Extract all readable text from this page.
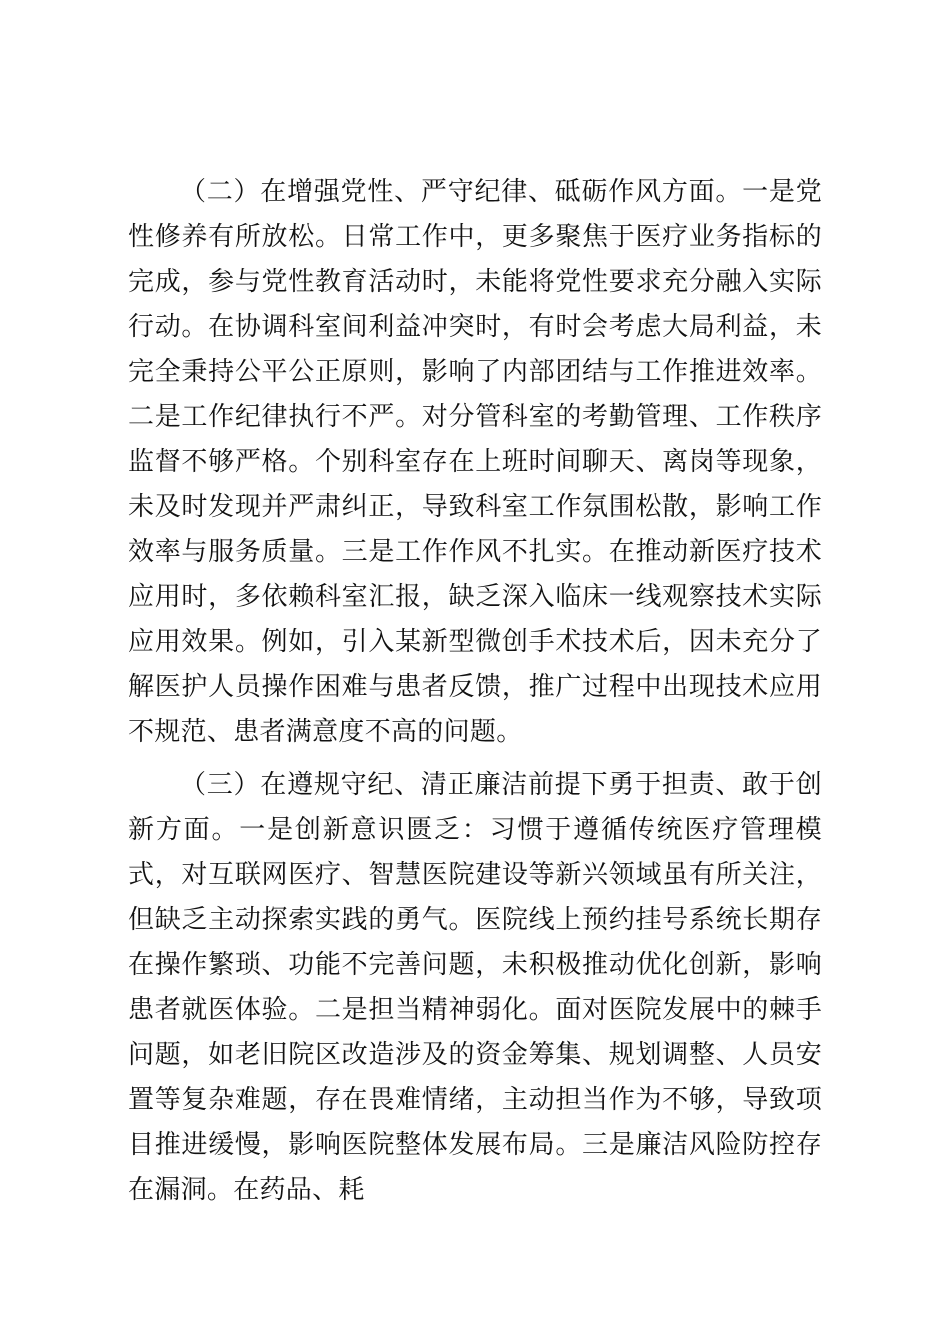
（二）在增强党性、严守纪律、砥砺作风方面。一是党性修养有所放松。日常工作中，更多聚焦于医疗业务指标的完成，参与党性教育活动时，未能将党性要求充分融入实际行动。在协调科室间利益冲突时，有时会考虑大局利益，未完全秉持公平公正原则，影响了内部团结与工作推进效率。二是工作纪律执行不严。对分管科室的考勤管理、工作秩序监督不够严格。个别科室存在上班时间聊天、离岗等现象，未及时发现并严肃纠正，导致科室工作氛围松散，影响工作效率与服务质量。三是工作作风不扎实。在推动新医疗技术应用时，多依赖科室汇报，缺乏深入临床一线观察技术实际应用效果。例如，引入某新型微创手术技术后，因未充分了解医护人员操作困难与患者反馈，推广过程中出现技术应用不规范、患者满意度不高的问题。

（三）在遵规守纪、清正廉洁前提下勇于担责、敢于创新方面。一是创新意识匮乏：习惯于遵循传统医疗管理模式，对互联网医疗、智慧医院建设等新兴领域虽有所关注，但缺乏主动探索实践的勇气。医院线上预约挂号系统长期存在操作繁琐、功能不完善问题，未积极推动优化创新，影响患者就医体验。二是担当精神弱化。面对医院发展中的棘手问题，如老旧院区改造涉及的资金筹集、规划调整、人员安置等复杂难题，存在畏难情绪，主动担当作为不够，导致项目推进缓慢，影响医院整体发展布局。三是廉洁风险防控存在漏洞。在药品、耗
